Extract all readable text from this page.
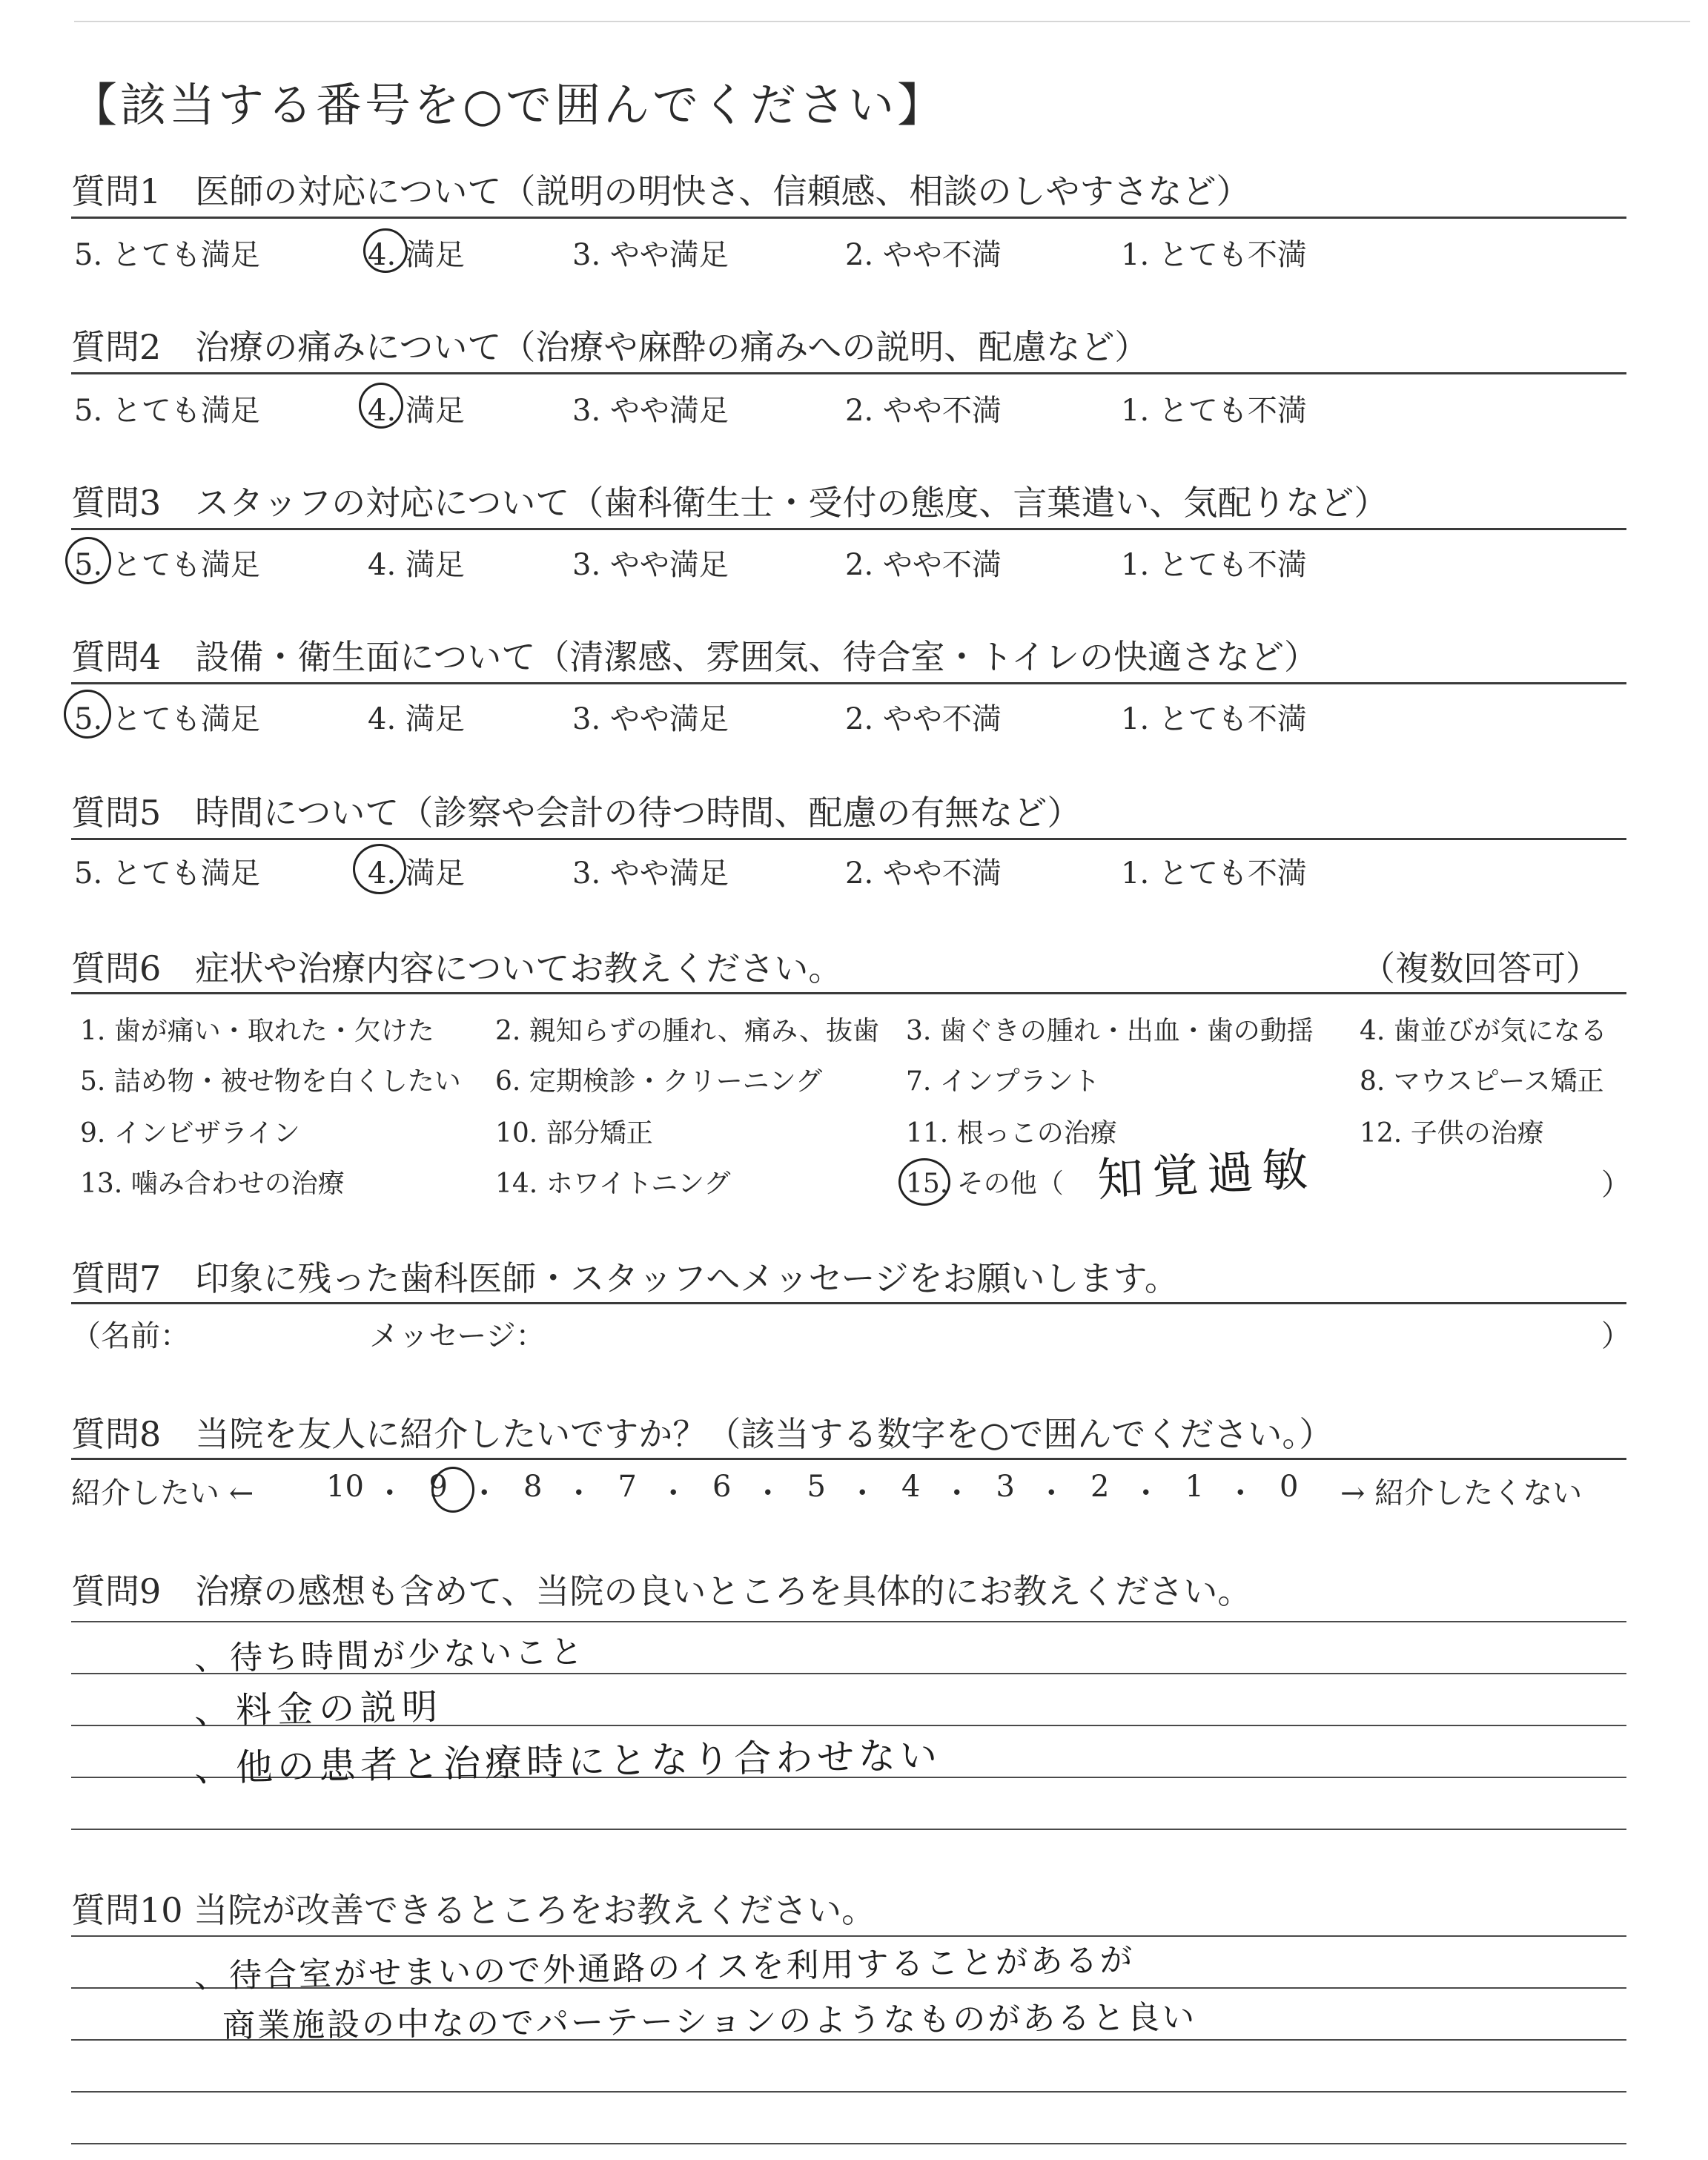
【該当する番号を○で囲んでください】
質問1　医師の対応について（説明の明快さ、信頼感、相談のしやすさなど）
5. とても満足	4. 満足	3. やや満足	2. やや不満	1. とても不満
質問2　治療の痛みについて（治療や麻酔の痛みへの説明、配慮など）
5. とても満足	4. 満足	3. やや満足	2. やや不満	1. とても不満
質問3　スタッフの対応について（歯科衛生士・受付の態度、言葉遣い、気配りなど）
5. とても満足	4. 満足	3. やや満足	2. やや不満	1. とても不満
質問4　設備・衛生面について（清潔感、雰囲気、待合室・トイレの快適さなど）
5. とても満足	4. 満足	3. やや満足	2. やや不満	1. とても不満
質問5　時間について（診察や会計の待つ時間、配慮の有無など）
5. とても満足	4. 満足	3. やや満足	2. やや不満	1. とても不満
質問6　症状や治療内容についてお教えください。	（複数回答可）
1. 歯が痛い・取れた・欠けた 2. 親知らずの腫れ、痛み、抜歯 3. 歯ぐきの腫れ・出血・歯の動揺 4. 歯並びが気になる
5. 詰め物・被せ物を白くしたい 6. 定期検診・クリーニング	7. インプラント	8. マウスピース矯正
9. インビザライン	10. 部分矯正	11. 根っこの治療	12. 子供の治療
13. 噛み合わせの治療	14. ホワイトニング	15. その他（ 知覚過敏	）
質問7　印象に残った歯科医師・スタッフへメッセージをお願いします。
（名前：	メッセージ：	）
質問8　当院を友人に紹介したいですか？（該当する数字を○で囲んでください。）
紹介したい ←	→ 紹介したくない
10 ・ 9 ・ 8 ・ 7 ・ 6 ・ 5 ・ 4 ・ 3 ・ 2 ・ 1 ・ 0
質問9　治療の感想も含めて、当院の良いところを具体的にお教えください。
、待ち時間が少ないこと
、料金の説明
、他の患者と治療時にとなり合わせない
質問10 当院が改善できるところをお教えください。
、待合室がせまいので外通路のイスを利用することがあるが
商業施設の中なのでパーテーションのようなものがあると良い
